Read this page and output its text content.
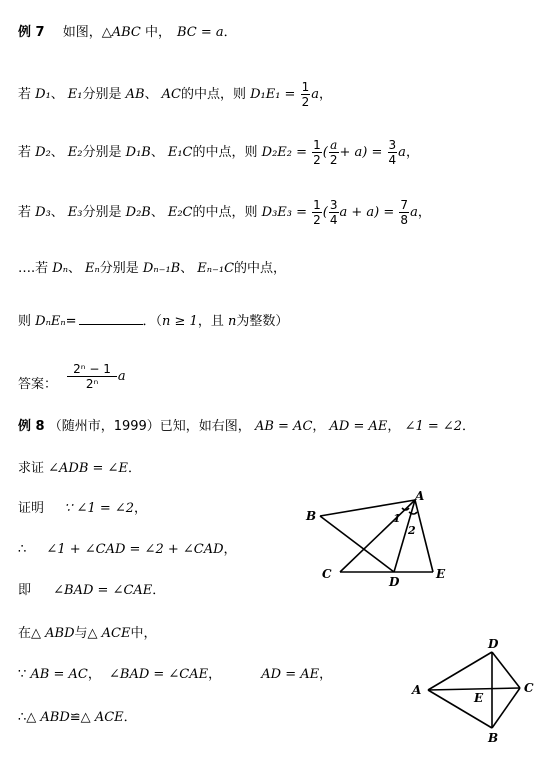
例 7 如图，△ABC 中， BC = a．
若 D₁、 E₁分别是 AB、 AC的中点，则 $D_1E_1 = \frac{1}{2}$ a，
若 D₂、 E₂分别是 D₁B、 E₁C的中点，则 $D_2E_2 = \frac{1}{2}$ ( $\frac{a}{2} + a) = \frac{3}{4}$ a，
若 D₃、 E₃分别是 D₂B、 E₂C的中点，则 $D_3E_3 = \frac{1}{2}$ ( $\frac{3}{4}$ $a + a) = \frac{7}{8}$ a，
….若 Dₙ、 Eₙ分别是 Dₙ₋₁B、 Eₙ₋₁C的中点，
则 DₙEₙ=	．（n ≥ 1，且 n为整数）
答案： $\frac{\text{2ⁿ − 1}}{\text{2ⁿ}}$ a
例 8 （随州市，1999）已知，如右图， AB = AC， AD = AE， ∠1 = ∠2．
求证 ∠ADB = ∠E．
证明 ∵ ∠1 = ∠2，
∴ ∠1 + ∠CAD = ∠2 + ∠CAD，
即 ∠BAD = ∠CAE．
在△ ABD与△ ACE中，
∵ AB = AC， ∠BAD = ∠CAE，	AD = AE，
∴△ ABD≌△ ACE．
A
B
C
D
E
1
2
D
A	C
E
B
